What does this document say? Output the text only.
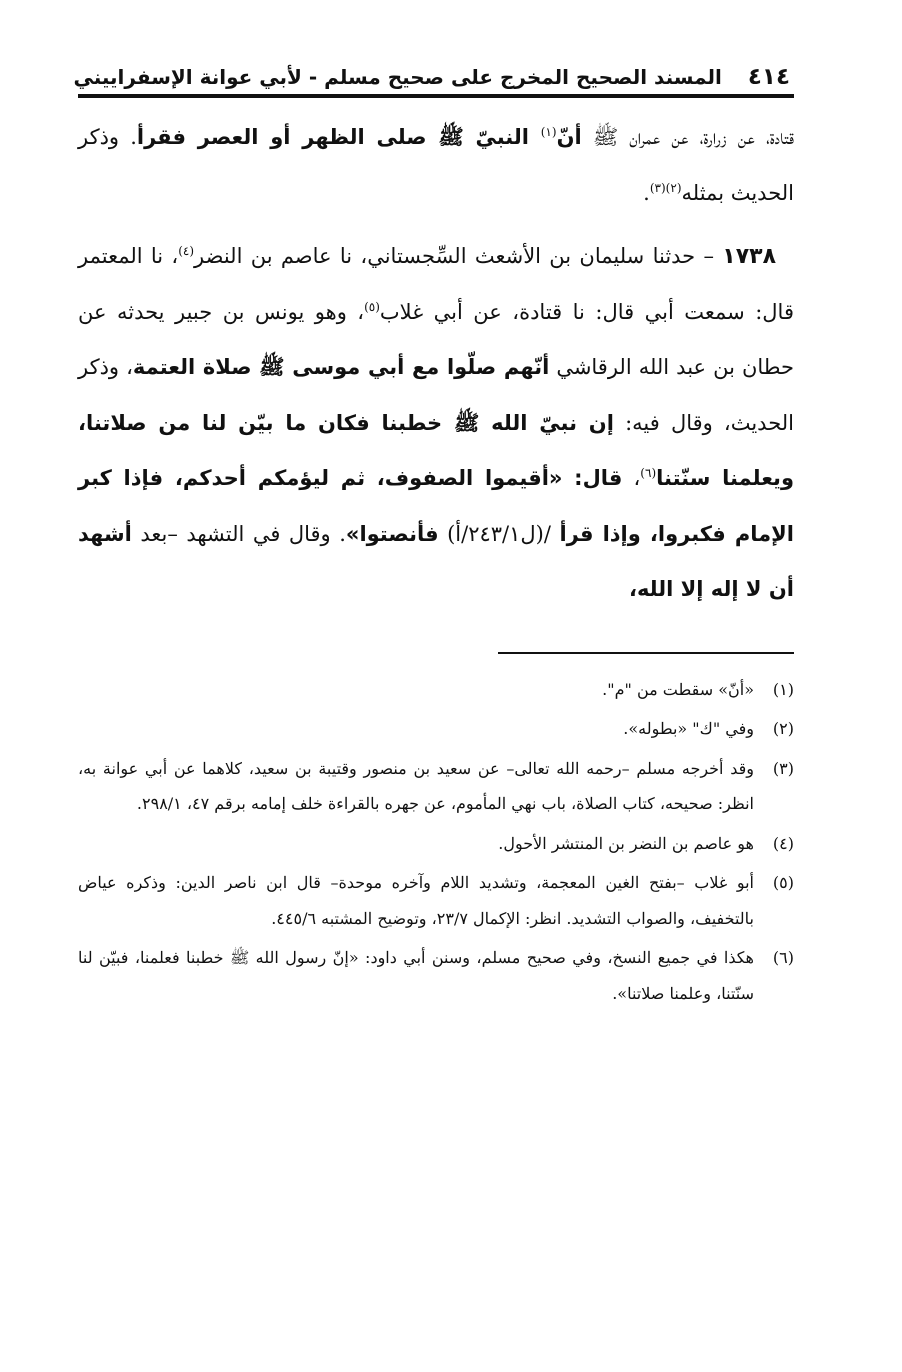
٤١٤
المسند الصحيح المخرج على صحيح مسلم - لأبي عوانة الإسفراييني

قتادة، عن زرارة، عن عمران ﷺ أنّ$^{(١)}$ النبيّ ﷺ صلى الظهر أو العصر فقرأ. وذكر الحديث بمثله$^{(٢)(٣)}$.

١٧٣٨ – حدثنا سليمان بن الأشعث السِّجستاني، نا عاصم بن النضر$^{(٤)}$، نا المعتمر قال: سمعت أبي قال: نا قتادة، عن أبي غلاب$^{(٥)}$، وهو يونس بن جبير يحدثه عن حطان بن عبد الله الرقاشي أنّهم صلّوا مع أبي موسى ﷺ صلاة العتمة، وذكر الحديث، وقال فيه: إن نبيّ الله ﷺ خطبنا فكان ما بيّن لنا من صلاتنا، ويعلمنا سنّتنا$^{(٦)}$، قال: «أقيموا الصفوف، ثم ليؤمكم أحدكم، فإذا كبر الإمام فكبروا، وإذا قرأ /(ل٢٤٣/١/أ) فأنصتوا». وقال في التشهد –بعد أشهد أن لا إله إلا الله،

(١)
«أنّ» سقطت من "م".
(٢)
وفي "ك" «بطوله».
(٣)
وقد أخرجه مسلم –رحمه الله تعالى– عن سعيد بن منصور وقتيبة بن سعيد، كلاهما عن أبي عوانة به، انظر: صحيحه، كتاب الصلاة، باب نهي المأموم، عن جهره بالقراءة خلف إمامه برقم ٤٧، ٢٩٨/١.
(٤)
هو عاصم بن النضر بن المنتشر الأحول.
(٥)
أبو غلاب –بفتح الغين المعجمة، وتشديد اللام وآخره موحدة– قال ابن ناصر الدين: وذكره عياض بالتخفيف، والصواب التشديد. انظر: الإكمال ٢٣/٧، وتوضيح المشتبه ٤٤٥/٦.
(٦)
هكذا في جميع النسخ، وفي صحيح مسلم، وسنن أبي داود: «إنّ رسول الله ﷺ خطبنا فعلمنا، فبيّن لنا سنّتنا، وعلمنا صلاتنا».
